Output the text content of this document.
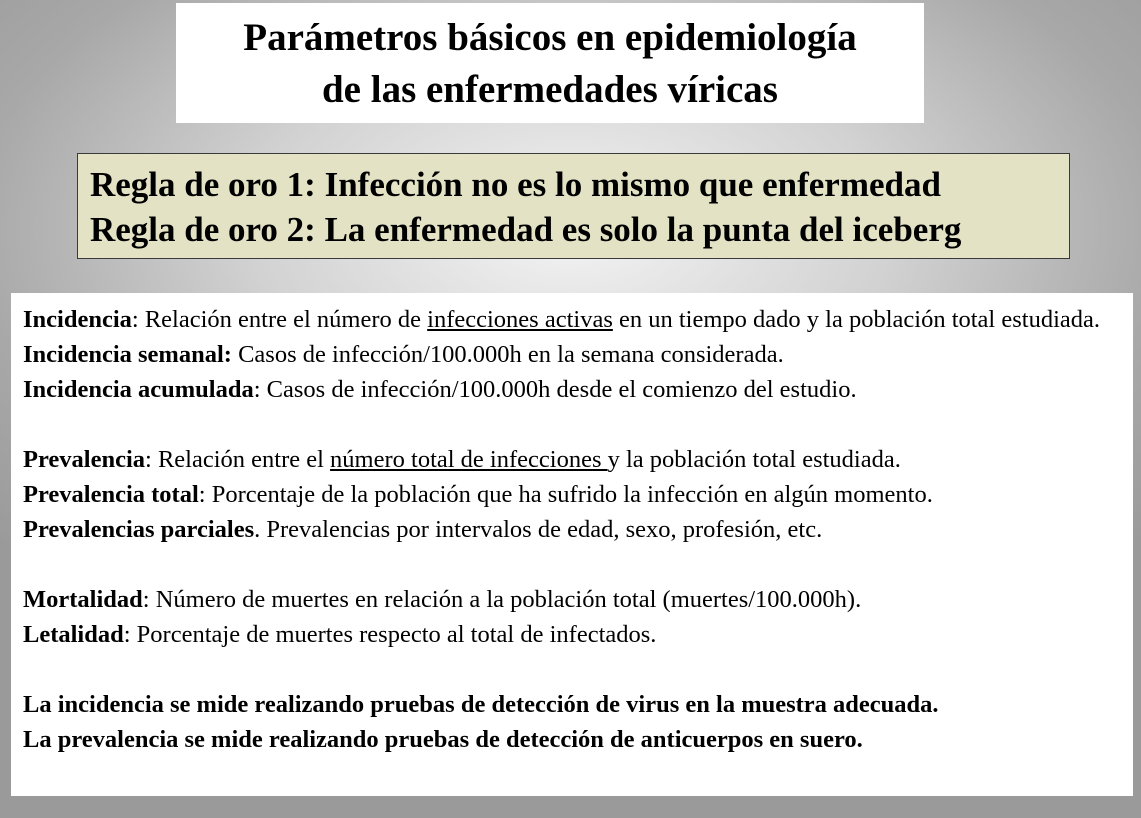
Parámetros básicos en epidemiología
de las enfermedades víricas
Regla de oro 1: Infección no es lo mismo que enfermedad
Regla de oro 2: La enfermedad es solo la punta del iceberg

Incidencia: Relación entre el número de infecciones activas en un tiempo dado y la población total estudiada.

Incidencia semanal: Casos de infección/100.000h en la semana considerada.

Incidencia acumulada: Casos de infección/100.000h desde el comienzo del estudio.

Prevalencia: Relación entre el número total de infecciones y la población total estudiada.

Prevalencia total: Porcentaje de la población que ha sufrido la infección en algún momento.

Prevalencias parciales. Prevalencias por intervalos de edad, sexo, profesión, etc.

Mortalidad: Número de muertes en relación a la población total (muertes/100.000h).

Letalidad: Porcentaje de muertes respecto al total de infectados.

La incidencia se mide realizando pruebas de detección de virus en la muestra adecuada.

La prevalencia se mide realizando pruebas de detección de anticuerpos en suero.
